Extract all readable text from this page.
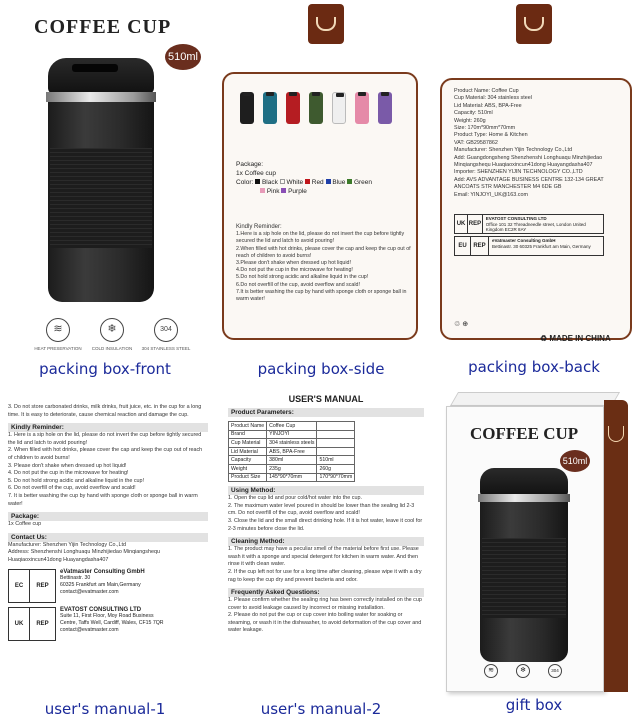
COFFEE CUP
510ml
≋
HEAT PRESERVATION
❄
COLD INSULATION
304
304 STAINLESS STEEL
packing box-front
Package:
1x Coffee cup
Color: Black White Red Blue Green
Pink Purple
Kindly Reminder:
1.Here is a sip hole on the lid, please do not invert the cup before tightly secured the lid and latch to avoid pouring!
2.When filled with hot drinks, please cover the cap and keep the cup out of reach of children to avoid burns!
3.Please don't shake when dressed up hot liquid!
4.Do not put the cup in the microwave for heating!
5.Do not hold strong acidic and alkaline liquid in the cup!
6.Do not overfill of the cup, avoid overflow and scald!
7.It is better washing the cup by hand with sponge cloth or sponge ball in warm water!
packing box-side
Product Name: Coffee Cup
Cup Material: 304 stainless steel
Lid Material: ABS, BPA-Free
Capacity: 510ml
Weight: 260g
Size: 170m*90mm*70mm
Product Type: Home & Kitchen
VAT: GB29587862
Manufacturer: Shenzhen Yijin Technology Co.,Ltd
Add: Guangdongsheng Shenzhenshi Longhuaqu Minzhijiedao Minqiangshequ Huaqiaoxincun41dong Huayangdasha407
Importer: SHENZHEN YIJIN TECHNOLOGY CO.,LTD
Add: AVS ADVANTAGE BUSINESS CENTRE 132-134 GREAT ANCOATS STR MANCHESTER M4 6DE GB
Email: YINJOYI_UK@163.com
UK REP
EVATOST CONSULTING LTD
Office 101 32 Threadneedle street, London United Kingdom EC2R 8AY
EU	REP
eVatmaster Consulting GmbH
Bettinastr. 30 60325 Frankfurt am Main, Germany
♲ ⊕
♻ MADE IN CHINA
packing box-back
3. Do not store carbonated drinks, milk drinks, fruit juice, etc. in the cup for a long time. It is easy to deteriorate, cause chemical reaction and damage the cup.
Kindly Reminder:
1. Here is a sip hole on the lid, please do not invert the cup before tightly secured the lid and latch to avoid pouring!
2. When filled with hot drinks, please cover the cap and keep the cup out of reach of children to avoid burns!
3. Please don't shake when dressed up hot liquid!
4. Do not put the cup in the microwave for heating!
5. Do not hold strong acidic and alkaline liquid in the cup!
6. Do not overfill of the cup, avoid overflow and scald!
7. It is better washing the cup by hand with sponge cloth or sponge ball in warm water!
Package:
1x Coffee cup
Contact Us:
Manufacturer: Shenzhen Yijin Technology Co.,Ltd
Address: Shenzhenshi Longhuaqu Minzhijiedao Minqiangshequ Huaqiaoxincun41dong Huayangdasha407
EC	REP
eVatmaster Consulting GmbH
Bettinastr. 30
60325 Frankfurt am Main,Germany
contact@evatmaster.com
UK	REP
EVATOST CONSULTING LTD
Suite 11, First Floor, Moy Road Business
Centre, Taffs Well, Cardiff, Wales, CF15 7QR
contact@evatmaster.com
user's manual-1
USER'S MANUAL
Product Parameters:
Product Name	Coffee Cup	
Brand	YINJOYI	
Cup Material	304 stainless steels	
Lid Material	ABS, BPA-Free	
Capacity	380ml	510ml
Weight	235g	260g
Product Size	145*90*70mm	170*90*70mm
Using Method:
1. Open the cup lid and pour cold/hot water into the cup.
2. The maximum water level poured in should be lower than the sealing lid 2-3 cm. Do not overfill of the cup, avoid overflow and scald!
3. Close the lid and the small direct drinking hole. If it is hot water, leave it cool for 2-3 minutes before close the lid.
Cleaning Method:
1. The product may have a peculiar smell of the material before first use. Please wash it with a sponge and special detergent for kitchen in warm water. And then rinse it with clean water.
2. If the cup left not for use for a long time after cleaning, please wipe it with a dry rag to keep the cup dry and prevent bacteria and odor.
Frequently Asked Questions:
1. Please confirm whether the sealing ring has been correctly installed on the cup cover to avoid leakage caused by incorrect or missing installation.
2. Please do not put the cup or cup cover into boiling water for soaking or steaming, or wash it in the dishwasher, to avoid deformation of the cup cover and water leakage.
user's manual-2
COFFEE CUP
510ml
≋	❄	304
gift box
